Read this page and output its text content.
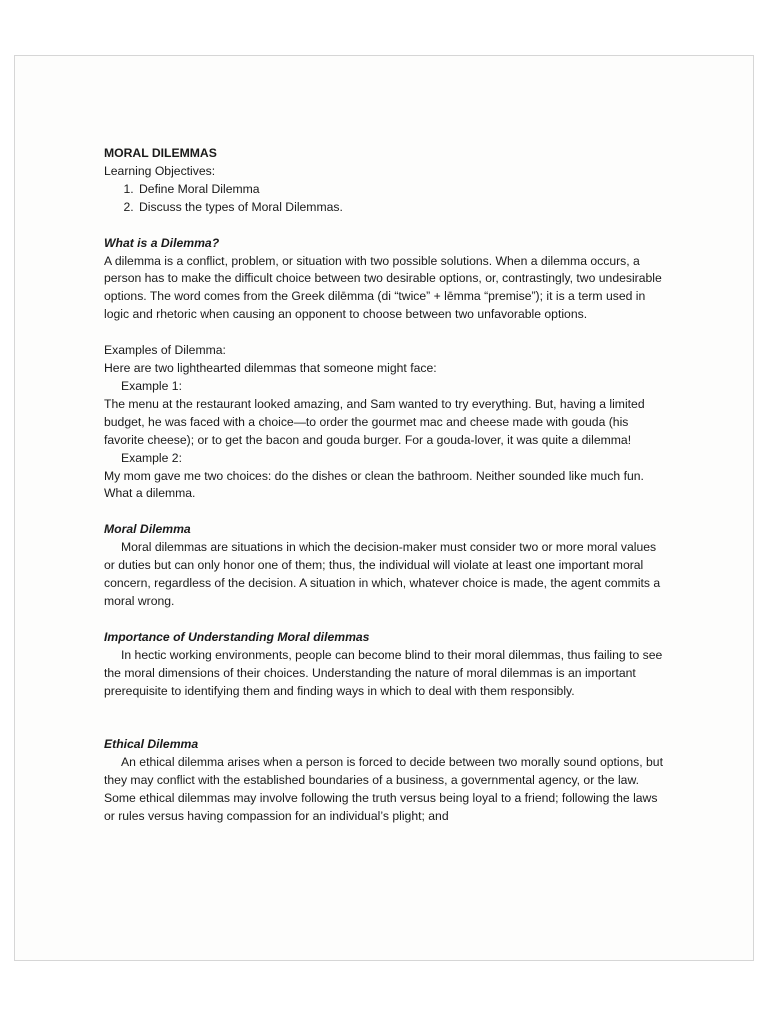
MORAL DILEMMAS

Learning Objectives:

1. Define Moral Dilemma
2. Discuss the types of Moral Dilemmas.

What is a Dilemma?

A dilemma is a conflict, problem, or situation with two possible solutions. When a dilemma occurs, a person has to make the difficult choice between two desirable options, or, contrastingly, two undesirable options. The word comes from the Greek dilēmma (di “twice” + lēmma “premise”); it is a term used in logic and rhetoric when causing an opponent to choose between two unfavorable options.

Examples of Dilemma:

Here are two lighthearted dilemmas that someone might face:

Example 1:

The menu at the restaurant looked amazing, and Sam wanted to try everything. But, having a limited budget, he was faced with a choice—to order the gourmet mac and cheese made with gouda (his favorite cheese); or to get the bacon and gouda burger. For a gouda-lover, it was quite a dilemma!

Example 2:

My mom gave me two choices: do the dishes or clean the bathroom. Neither sounded like much fun. What a dilemma.

Moral Dilemma

Moral dilemmas are situations in which the decision-maker must consider two or more moral values or duties but can only honor one of them; thus, the individual will violate at least one important moral concern, regardless of the decision. A situation in which, whatever choice is made, the agent commits a moral wrong.

Importance of Understanding Moral dilemmas

In hectic working environments, people can become blind to their moral dilemmas, thus failing to see the moral dimensions of their choices. Understanding the nature of moral dilemmas is an important prerequisite to identifying them and finding ways in which to deal with them responsibly.

Ethical Dilemma

An ethical dilemma arises when a person is forced to decide between two morally sound options, but they may conflict with the established boundaries of a business, a governmental agency, or the law. Some ethical dilemmas may involve following the truth versus being loyal to a friend; following the laws or rules versus having compassion for an individual’s plight; and
